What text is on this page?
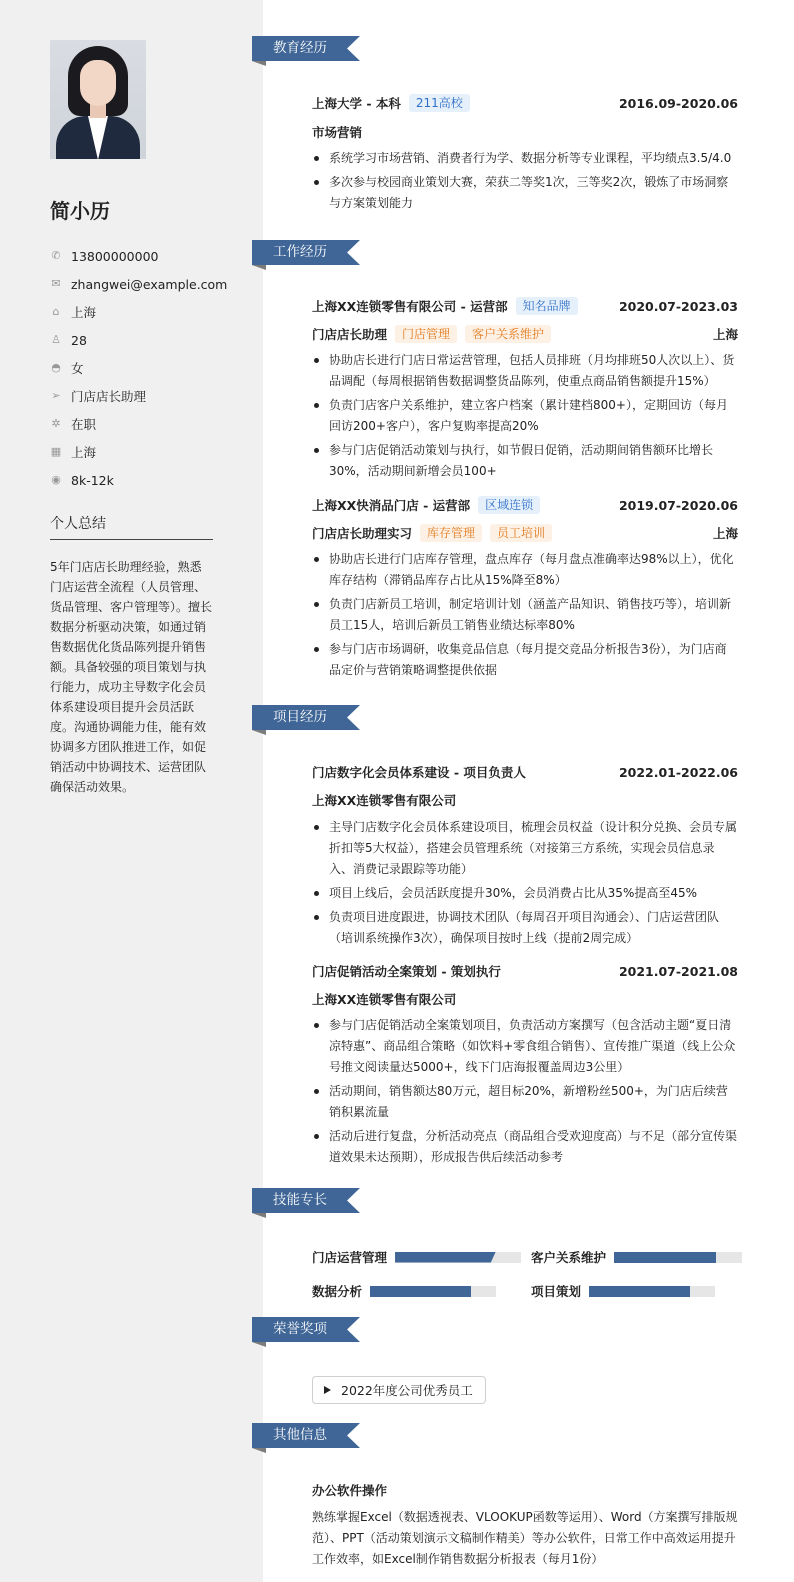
简小历
✆ 13800000000
✉ zhangwei@example.com
⌂ 上海
♙ 28
◓ 女
➢ 门店店长助理
✲ 在职
▦ 上海
◉ 8k-12k
个人总结
5年门店店长助理经验，熟悉门店运营全流程（人员管理、货品管理、客户管理等）。擅长数据分析驱动决策，如通过销售数据优化货品陈列提升销售额。具备较强的项目策划与执行能力，成功主导数字化会员体系建设项目提升会员活跃度。沟通协调能力佳，能有效协调多方团队推进工作，如促销活动中协调技术、运营团队确保活动效果。
教育经历
上海大学 - 本科	211高校	2016.09-2020.06
市场营销
系统学习市场营销、消费者行为学、数据分析等专业课程，平均绩点3.5/4.0
多次参与校园商业策划大赛，荣获二等奖1次，三等奖2次，锻炼了市场洞察与方案策划能力
工作经历
上海XX连锁零售有限公司 - 运营部	知名品牌	2020.07-2023.03
门店店长助理	门店管理	客户关系维护	上海
协助店长进行门店日常运营管理，包括人员排班（月均排班50人次以上）、货品调配（每周根据销售数据调整货品陈列，使重点商品销售额提升15%）
负责门店客户关系维护，建立客户档案（累计建档800+），定期回访（每月回访200+客户），客户复购率提高20%
参与门店促销活动策划与执行，如节假日促销，活动期间销售额环比增长30%，活动期间新增会员100+
上海XX快消品门店 - 运营部	区域连锁	2019.07-2020.06
门店店长助理实习	库存管理	员工培训	上海
协助店长进行门店库存管理，盘点库存（每月盘点准确率达98%以上），优化库存结构（滞销品库存占比从15%降至8%）
负责门店新员工培训，制定培训计划（涵盖产品知识、销售技巧等），培训新员工15人，培训后新员工销售业绩达标率80%
参与门店市场调研，收集竞品信息（每月提交竞品分析报告3份），为门店商品定价与营销策略调整提供依据
项目经历
门店数字化会员体系建设 - 项目负责人	2022.01-2022.06
上海XX连锁零售有限公司
主导门店数字化会员体系建设项目，梳理会员权益（设计积分兑换、会员专属折扣等5大权益），搭建会员管理系统（对接第三方系统，实现会员信息录入、消费记录跟踪等功能）
项目上线后，会员活跃度提升30%，会员消费占比从35%提高至45%
负责项目进度跟进，协调技术团队（每周召开项目沟通会）、门店运营团队（培训系统操作3次），确保项目按时上线（提前2周完成）
门店促销活动全案策划 - 策划执行	2021.07-2021.08
上海XX连锁零售有限公司
参与门店促销活动全案策划项目，负责活动方案撰写（包含活动主题“夏日清凉特惠”、商品组合策略（如饮料+零食组合销售）、宣传推广渠道（线上公众号推文阅读量达5000+，线下门店海报覆盖周边3公里）
活动期间，销售额达80万元，超目标20%，新增粉丝500+，为门店后续营销积累流量
活动后进行复盘，分析活动亮点（商品组合受欢迎度高）与不足（部分宣传渠道效果未达预期），形成报告供后续活动参考
技能专长
门店运营管理	客户关系维护
数据分析	项目策划
荣誉奖项
2022年度公司优秀员工
其他信息
办公软件操作
熟练掌握Excel（数据透视表、VLOOKUP函数等运用）、Word（方案撰写排版规范）、PPT（活动策划演示文稿制作精美）等办公软件，日常工作中高效运用提升工作效率，如Excel制作销售数据分析报表（每月1份）
